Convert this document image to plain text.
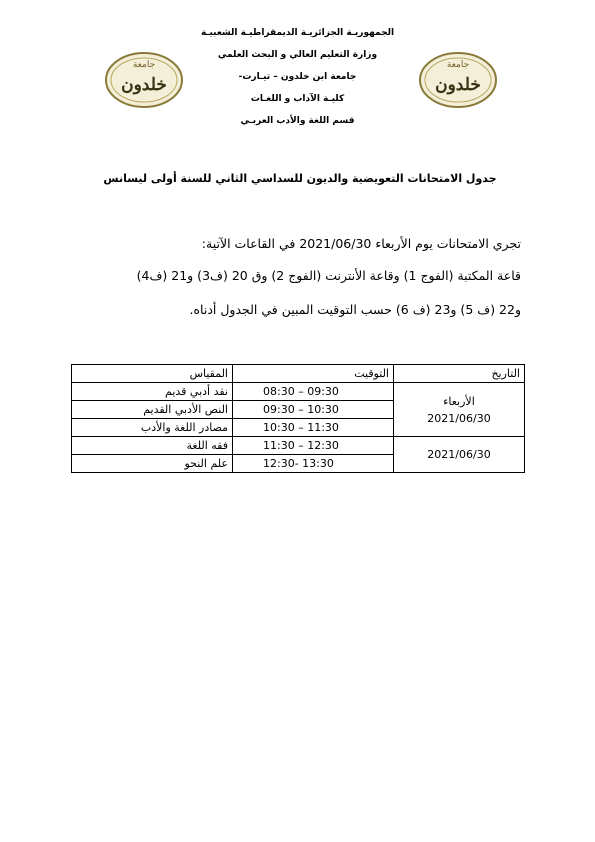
الجمهوريـة الجزائريـة الديمقراطيـة الشعبيـة
وزارة التعليم العالي و البحث العلمي
جامعة ابن خلدون – تيـارت-
كليـة الآداب و اللغـات
قسم اللغة والأدب العربـي
جامعة
خلدون
جامعة
خلدون
جدول الامتحانات التعويضية والديون للسداسي الثاني للسنة أولى ليسانس
تجري الامتحانات يوم الأربعاء 2021/06/30 في القاعات الآتية:
قاعة المكتبة (الفوج 1) وقاعة الأنترنت (الفوج 2) وق 20 (ف3) و21 (ف4)
و22 (ف 5) و23 (ف 6) حسب التوقيت المبين في الجدول أدناه.
التاريخ	التوقيت	المقياس

الأربعاء
2021/06/30	08:30 – 09:30	نقد أدبي قديم
	09:30 – 10:30	النص الأدبي القديم
	10:30 – 11:30	مصادر اللغة والأدب

2021/06/30	11:30 – 12:30	فقه اللغة
	12:30- 13:30	علم النحو
